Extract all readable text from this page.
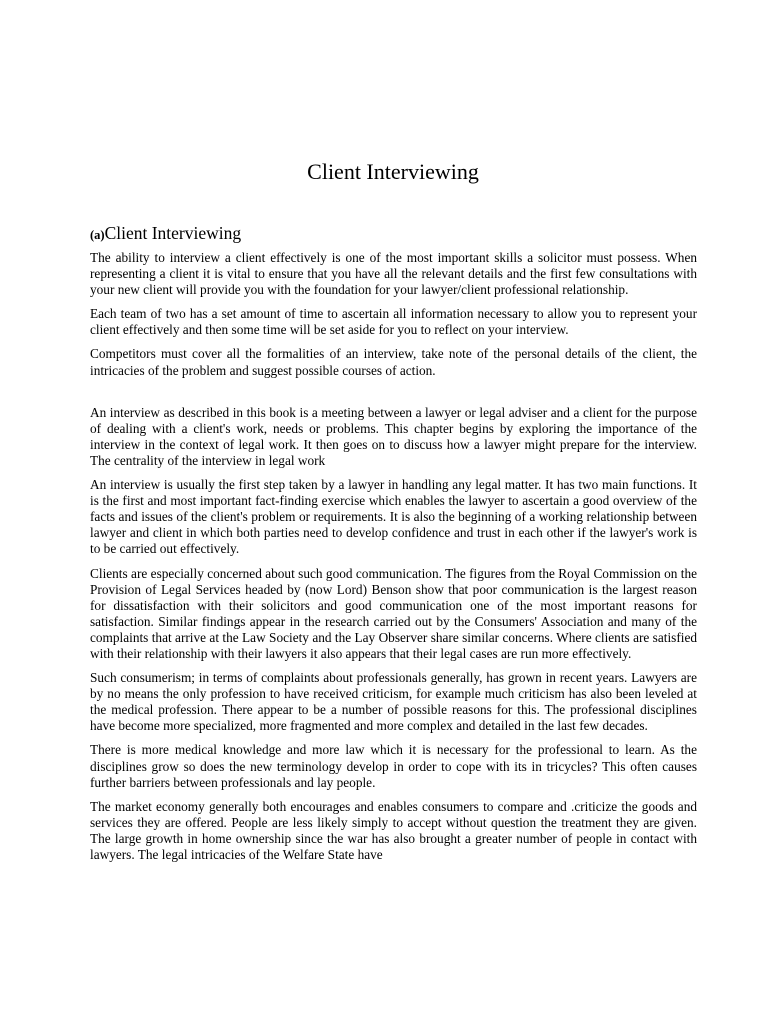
Client Interviewing
(a)Client Interviewing

The ability to interview a client effectively is one of the most important skills a solicitor must possess. When representing a client it is vital to ensure that you have all the relevant details and the first few consultations with your new client will provide you with the foundation for your lawyer/client professional relationship.

Each team of two has a set amount of time to ascertain all information necessary to allow you to represent your client effectively and then some time will be set aside for you to reflect on your interview.

Competitors must cover all the formalities of an interview, take note of the personal details of the client, the intricacies of the problem and suggest possible courses of action.

An interview as described in this book is a meeting between a lawyer or legal adviser and a client for the purpose of dealing with a client's work, needs or problems. This chapter begins by exploring the importance of the interview in the context of legal work. It then goes on to discuss how a lawyer might prepare for the interview. The centrality of the interview in legal work

An interview is usually the first step taken by a lawyer in handling any legal matter. It has two main functions. It is the first and most important fact-finding exercise which enables the lawyer to ascertain a good overview of the facts and issues of the client's problem or requirements. It is also the beginning of a working relationship between lawyer and client in which both parties need to develop confidence and trust in each other if the lawyer's work is to be carried out effectively.

Clients are especially concerned about such good communication. The figures from the Royal Commission on the Provision of Legal Services headed by (now Lord) Benson show that poor communication is the largest reason for dissatisfaction with their solicitors and good communication one of the most important reasons for satisfaction. Similar findings appear in the research carried out by the Consumers' Association and many of the complaints that arrive at the Law Society and the Lay Observer share similar concerns. Where clients are satisfied with their relationship with their lawyers it also appears that their legal cases are run more effectively.

Such consumerism; in terms of complaints about professionals generally, has grown in recent years. Lawyers are by no means the only profession to have received criticism, for example much criticism has also been leveled at the medical profession. There appear to be a number of possible reasons for this. The professional disciplines have become more specialized, more fragmented and more complex and detailed in the last few decades.

There is more medical knowledge and more law which it is necessary for the professional to learn. As the disciplines grow so does the new terminology develop in order to cope with its in tricycles? This often causes further barriers between professionals and lay people.

The market economy generally both encourages and enables consumers to compare and .criticize the goods and services they are offered. People are less likely simply to accept without question the treatment they are given. The large growth in home ownership since the war has also brought a greater number of people in contact with lawyers. The legal intricacies of the Welfare State have
